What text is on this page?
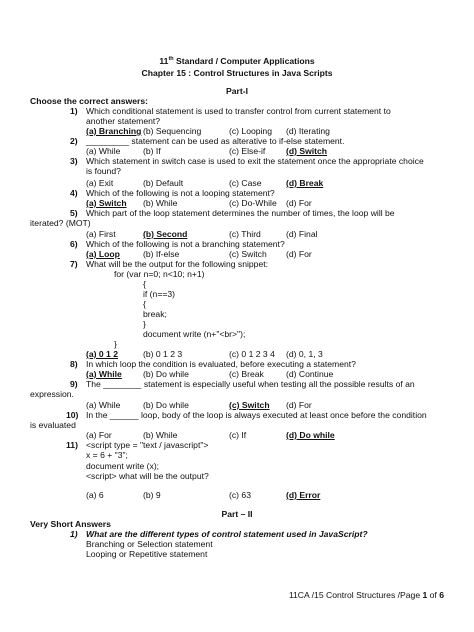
11th Standard / Computer Applications
Chapter 15 : Control Structures in Java Scripts
Part-I
Choose the correct answers:
1) Which conditional statement is used to transfer control from current statement to
another statement?
(a) Branching (b) Sequencing	(c) Looping (d) Iterating
2) _________ statement can be used as alterative to if-else statement.
(a) While	(b) If	(c) Else-if (d) Switch
3) Which statement in switch case is used to exit the statement once the appropriate choice
is found?
(a) Exit	(b) Default	(c) Case	(d) Break
4) Which of the following is not a looping statement?
(a) Switch (b) While	(c) Do-While (d) For
5) Which part of the loop statement determines the number of times, the loop will be
iterated? (MOT)
(a) First	(b) Second	(c) Third	(d) Final
6) Which of the following is not a branching statement?
(a) Loop	(b) If-else	(c) Switch (d) For
7) What will be the output for the following snippet:
for (var n=0; n<10; n+1)
{
if (n==3)
{
break;
}
document write (n+"<br>");
}
(a) 0 1 2	(b) 0 1 2 3	(c) 0 1 2 3 4 (d) 0, 1, 3
8) In which loop the condition is evaluated, before executing a statement?
(a) While (b) Do while	(c) Break	(d) Continue
9) The ________ statement is especially useful when testing all the possible results of an
expression.
(a) While	(b) Do while	(c) Switch (d) For
10) In the ______ loop, body of the loop is always executed at least once before the condition
is evaluated
(a) For	(b) While	(c) If	(d) Do while
11) <script type = "text / javascript">
x = 6 + "3";
document write (x);
<script> what will be the output?
(a) 6	(b) 9	(c) 63	(d) Error
Part – II
Very Short Answers
1) What are the different types of control statement used in JavaScript?
Branching or Selection statement
Looping or Repetitive statement
11CA /15 Control Structures /Page 1 of 6
